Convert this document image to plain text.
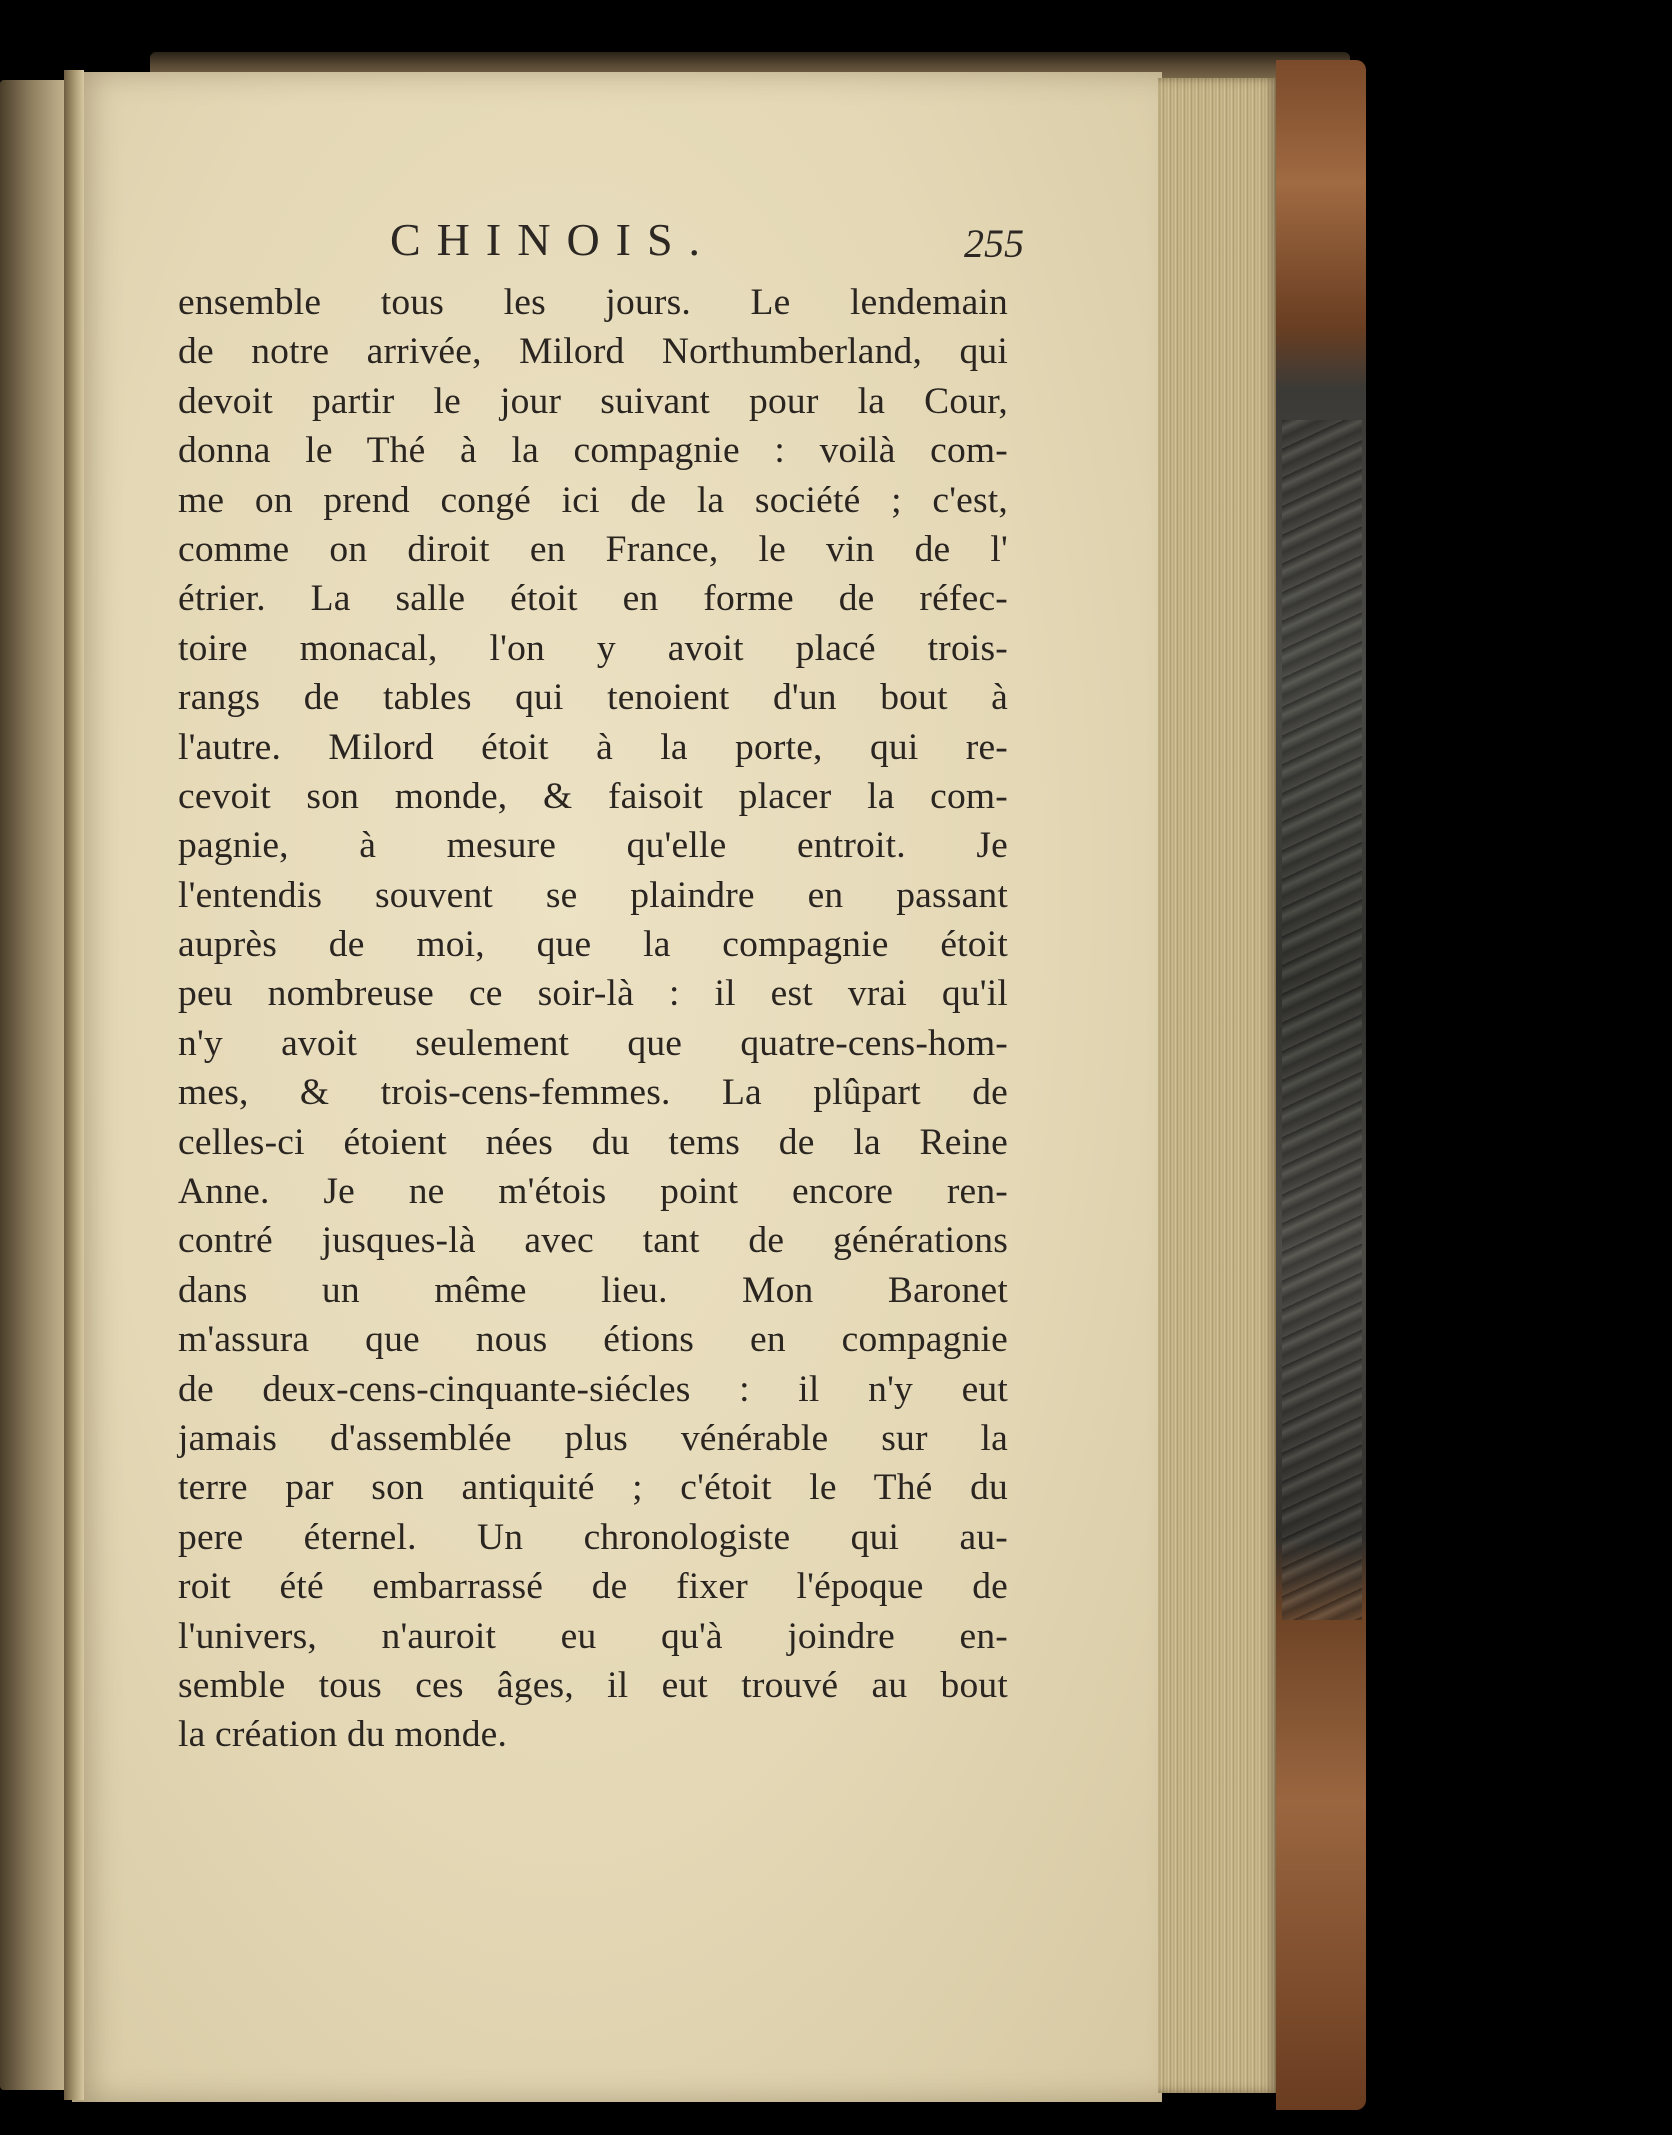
CHINOIS.	255
ensemble tous les jours. Le lendemain
de notre arrivée, Milord Northumberland, qui
devoit partir le jour suivant pour la Cour,
donna le Thé à la compagnie : voilà com-
me on prend congé ici de la société ; c'est,
comme on diroit en France, le vin de l'
étrier. La salle étoit en forme de réfec-
toire monacal, l'on y avoit placé trois-
rangs de tables qui tenoient d'un bout à
l'autre. Milord étoit à la porte, qui re-
cevoit son monde, & faisoit placer la com-
pagnie, à mesure qu'elle entroit. Je
l'entendis souvent se plaindre en passant
auprès de moi, que la compagnie étoit
peu nombreuse ce soir-là : il est vrai qu'il
n'y avoit seulement que quatre-cens-hom-
mes, & trois-cens-femmes. La plûpart de
celles-ci étoient nées du tems de la Reine
Anne. Je ne m'étois point encore ren-
contré jusques-là avec tant de générations
dans un même lieu. Mon Baronet
m'assura que nous étions en compagnie
de deux-cens-cinquante-siécles : il n'y eut
jamais d'assemblée plus vénérable sur la
terre par son antiquité ; c'étoit le Thé du
pere éternel. Un chronologiste qui au-
roit été embarrassé de fixer l'époque de
l'univers, n'auroit eu qu'à joindre en-
semble tous ces âges, il eut trouvé au bout
la création du monde.
